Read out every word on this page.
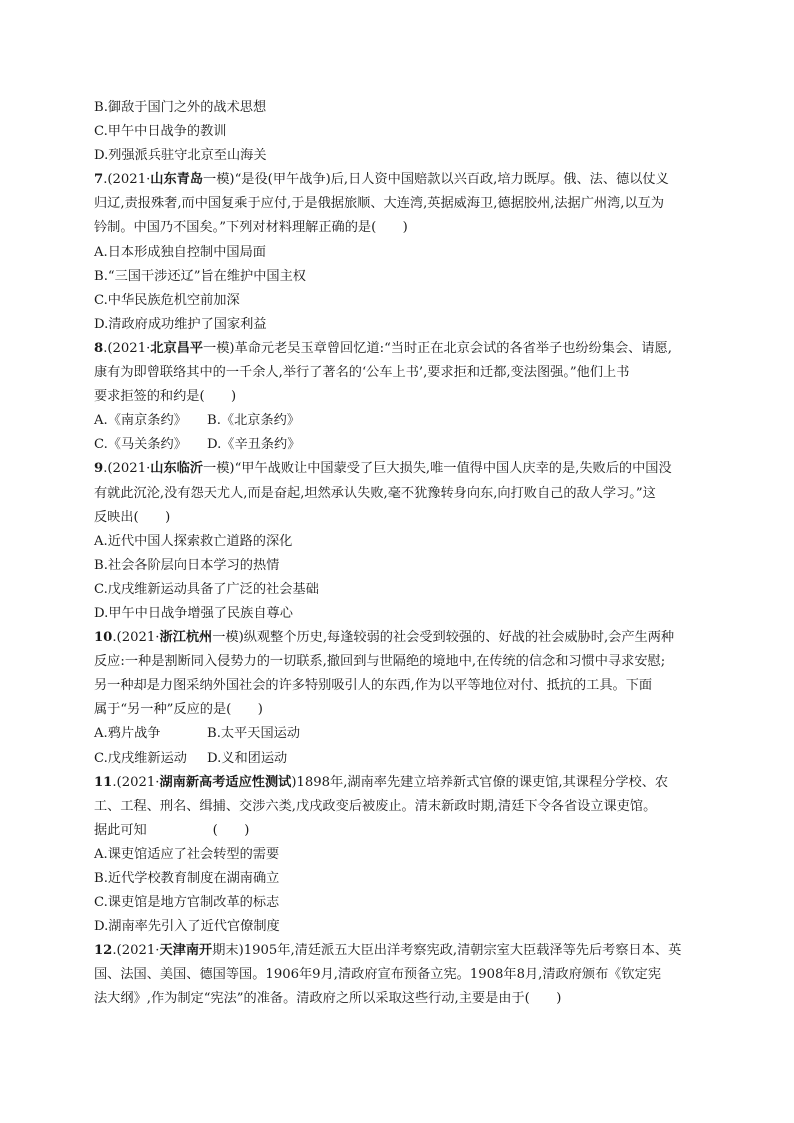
B.御敌于国门之外的战术思想
C.甲午中日战争的教训
D.列强派兵驻守北京至山海关
7.(2021·山东青岛一模)“是役(甲午战争)后,日人资中国赔款以兴百政,培力既厚。俄、法、德以仗义
归辽,责报殊奢,而中国复乘于应付,于是俄据旅顺、大连湾,英据威海卫,德据胶州,法据广州湾,以互为
钤制。中国乃不国矣。”下列对材料理解正确的是(　　)
A.日本形成独自控制中国局面
B.“三国干涉还辽”旨在维护中国主权
C.中华民族危机空前加深
D.清政府成功维护了国家利益
8.(2021·北京昌平一模)革命元老吴玉章曾回忆道:“当时正在北京会试的各省举子也纷纷集会、请愿,
康有为即曾联络其中的一千余人,举行了著名的‘公车上书’,要求拒和迁都,变法图强。”他们上书
要求拒签的和约是(　　)
A.《南京条约》	B.《北京条约》
C.《马关条约》	D.《辛丑条约》
9.(2021·山东临沂一模)“甲午战败让中国蒙受了巨大损失,唯一值得中国人庆幸的是,失败后的中国没
有就此沉沦,没有怨天尤人,而是奋起,坦然承认失败,毫不犹豫转身向东,向打败自己的敌人学习。”这
反映出(　　)
A.近代中国人探索救亡道路的深化
B.社会各阶层向日本学习的热情
C.戊戌维新运动具备了广泛的社会基础
D.甲午中日战争增强了民族自尊心
10.(2021·浙江杭州一模)纵观整个历史,每逢较弱的社会受到较强的、好战的社会威胁时,会产生两种
反应:一种是割断同入侵势力的一切联系,撤回到与世隔绝的境地中,在传统的信念和习惯中寻求安慰;
另一种却是力图采纳外国社会的许多特别吸引人的东西,作为以平等地位对付、抵抗的工具。下面
属于“另一种”反应的是(　　)
A.鸦片战争	B.太平天国运动
C.戊戌维新运动	D.义和团运动
11.(2021·湖南新高考适应性测试)1898年,湖南率先建立培养新式官僚的课吏馆,其课程分学校、农
工、工程、刑名、缉捕、交涉六类,戊戌政变后被废止。清末新政时期,清廷下令各省设立课吏馆。
据此可知　　　　　(　　)
A.课吏馆适应了社会转型的需要
B.近代学校教育制度在湖南确立
C.课吏馆是地方官制改革的标志
D.湖南率先引入了近代官僚制度
12.(2021·天津南开期末)1905年,清廷派五大臣出洋考察宪政,清朝宗室大臣载泽等先后考察日本、英
国、法国、美国、德国等国。1906年9月,清政府宣布预备立宪。1908年8月,清政府颁布《钦定宪
法大纲》,作为制定“宪法”的准备。清政府之所以采取这些行动,主要是由于(　　)
